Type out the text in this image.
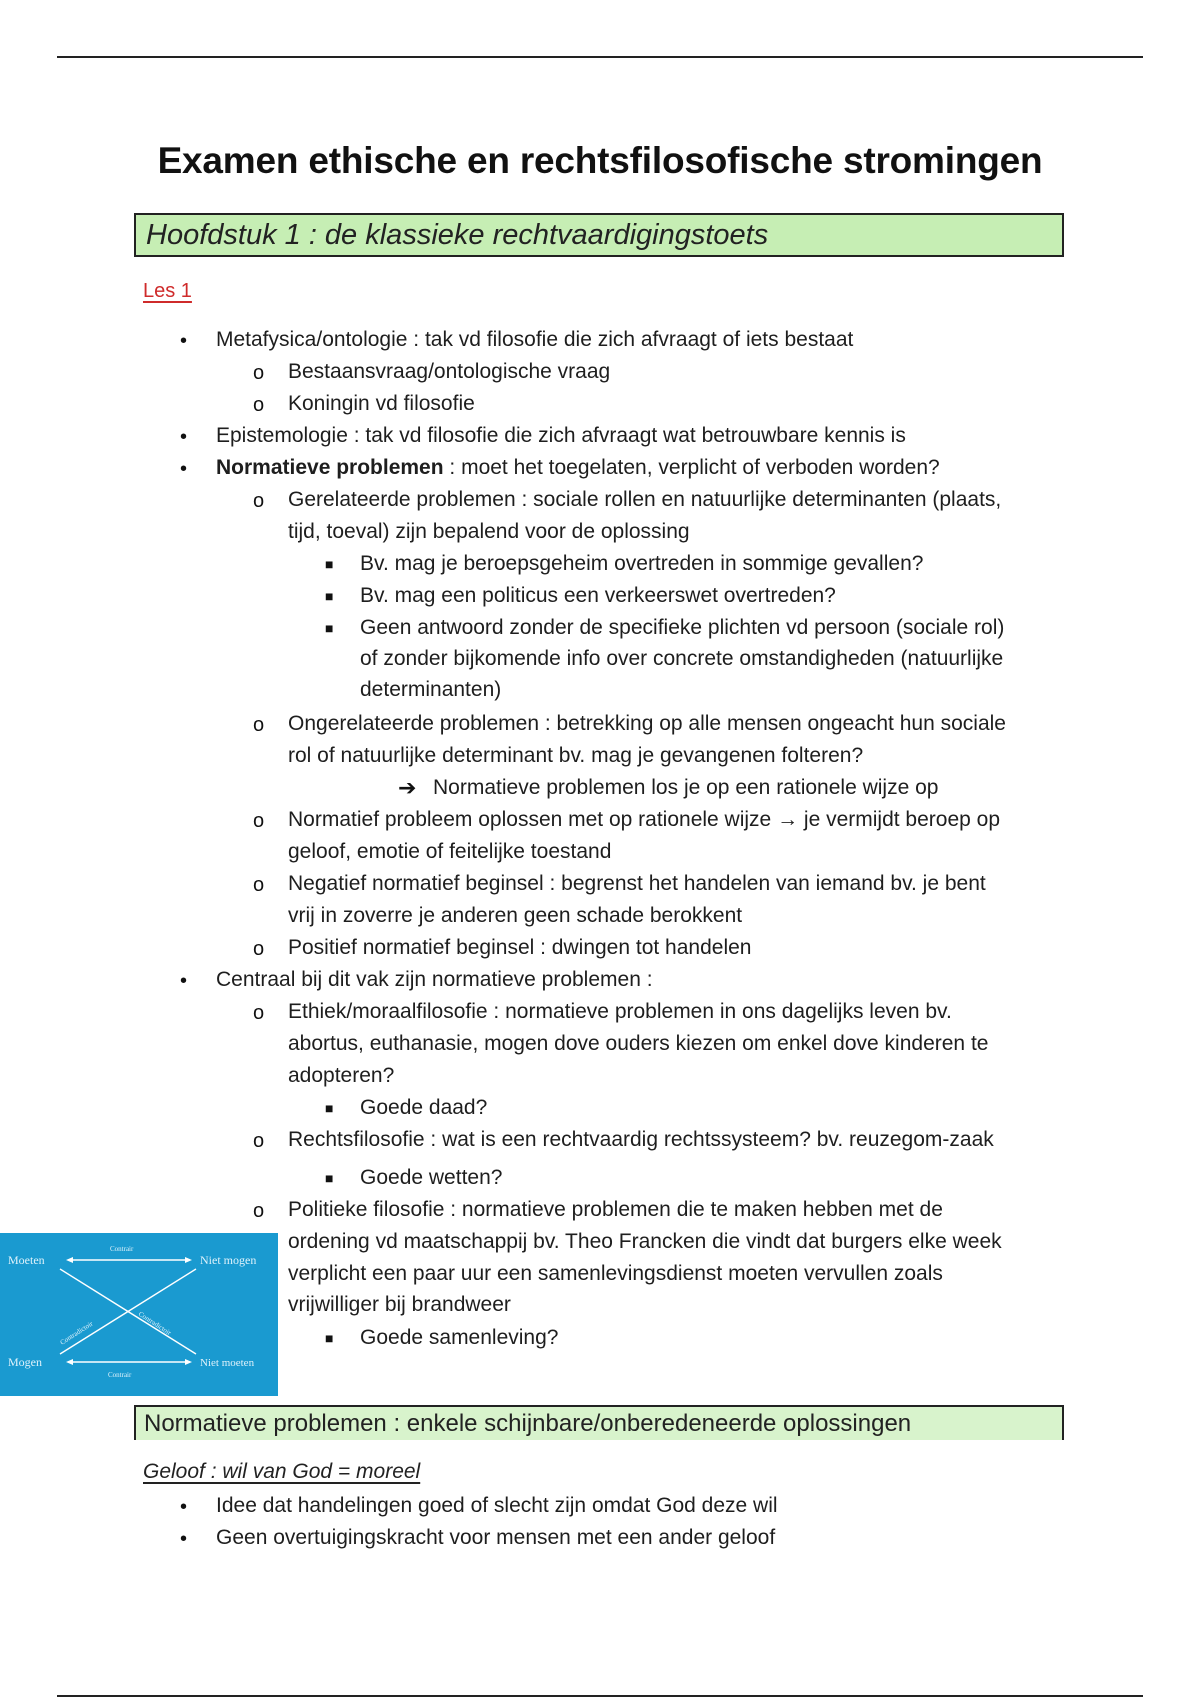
Examen ethische en rechtsfilosofische stromingen
Hoofdstuk 1 : de klassieke rechtvaardigingstoets
Les 1
• Metafysica/ontologie : tak vd filosofie die zich afvraagt of iets bestaat
o Bestaansvraag/ontologische vraag
o Koningin vd filosofie
• Epistemologie : tak vd filosofie die zich afvraagt wat betrouwbare kennis is
• Normatieve problemen : moet het toegelaten, verplicht of verboden worden?
o Gerelateerde problemen : sociale rollen en natuurlijke determinanten (plaats,
tijd, toeval) zijn bepalend voor de oplossing
■ Bv. mag je beroepsgeheim overtreden in sommige gevallen?
■ Bv. mag een politicus een verkeerswet overtreden?
■ Geen antwoord zonder de specifieke plichten vd persoon (sociale rol)
of zonder bijkomende info over concrete omstandigheden (natuurlijke
determinanten)
o Ongerelateerde problemen : betrekking op alle mensen ongeacht hun sociale
rol of natuurlijke determinant bv. mag je gevangenen folteren?
➔ Normatieve problemen los je op een rationele wijze op
o Normatief probleem oplossen met op rationele wijze → je vermijdt beroep op
geloof, emotie of feitelijke toestand
o Negatief normatief beginsel : begrenst het handelen van iemand bv. je bent
vrij in zoverre je anderen geen schade berokkent
o Positief normatief beginsel : dwingen tot handelen
• Centraal bij dit vak zijn normatieve problemen :
o Ethiek/moraalfilosofie : normatieve problemen in ons dagelijks leven bv.
abortus, euthanasie, mogen dove ouders kiezen om enkel dove kinderen te
adopteren?
■ Goede daad?
o Rechtsfilosofie : wat is een rechtvaardig rechtssysteem? bv. reuzegom-zaak
■ Goede wetten?
o Politieke filosofie : normatieve problemen die te maken hebben met de
ordening vd maatschappij bv. Theo Francken die vindt dat burgers elke week
verplicht een paar uur een samenlevingsdienst moeten vervullen zoals
vrijwilliger bij brandweer
■ Goede samenleving?
Moeten	Niet mogen
Mogen	Niet moeten
Contrair
Contrair
Contradictoir	Contradictoir
Normatieve problemen : enkele schijnbare/onberedeneerde oplossingen
Geloof : wil van God = moreel
• Idee dat handelingen goed of slecht zijn omdat God deze wil
• Geen overtuigingskracht voor mensen met een ander geloof
